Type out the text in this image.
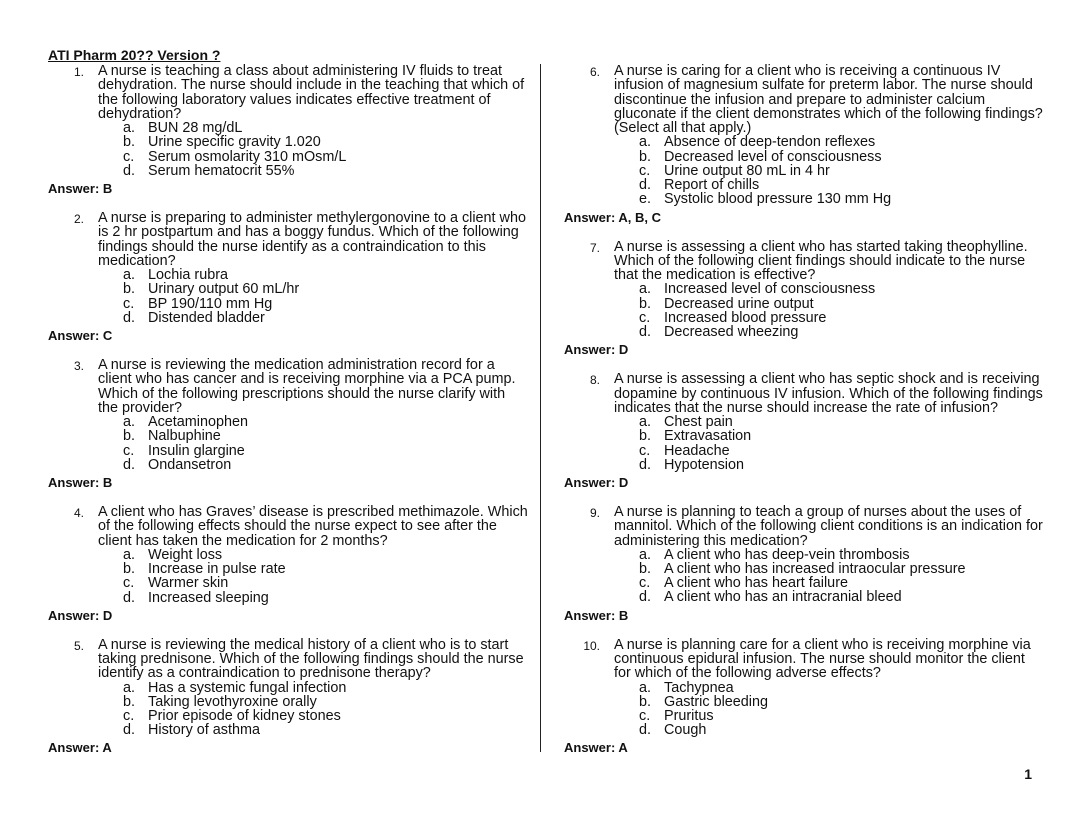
ATI Pharm 20?? Version ?
1. A nurse is teaching a class about administering IV fluids to treat dehydration. The nurse should include in the teaching that which of the following laboratory values indicates effective treatment of dehydration?
a. BUN 28 mg/dL
b. Urine specific gravity 1.020
c. Serum osmolarity 310 mOsm/L
d. Serum hematocrit 55%
Answer: B
2. A nurse is preparing to administer methylergonovine to a client who is 2 hr postpartum and has a boggy fundus. Which of the following findings should the nurse identify as a contraindication to this medication?
a. Lochia rubra
b. Urinary output 60 mL/hr
c. BP 190/110 mm Hg
d. Distended bladder
Answer: C
3. A nurse is reviewing the medication administration record for a client who has cancer and is receiving morphine via a PCA pump. Which of the following prescriptions should the nurse clarify with the provider?
a. Acetaminophen
b. Nalbuphine
c. Insulin glargine
d. Ondansetron
Answer: B
4. A client who has Graves’ disease is prescribed methimazole. Which of the following effects should the nurse expect to see after the client has taken the medication for 2 months?
a. Weight loss
b. Increase in pulse rate
c. Warmer skin
d. Increased sleeping
Answer: D
5. A nurse is reviewing the medical history of a client who is to start taking prednisone. Which of the following findings should the nurse identify as a contraindication to prednisone therapy?
a. Has a systemic fungal infection
b. Taking levothyroxine orally
c. Prior episode of kidney stones
d. History of asthma
Answer: A
6. A nurse is caring for a client who is receiving a continuous IV infusion of magnesium sulfate for preterm labor. The nurse should discontinue the infusion and prepare to administer calcium gluconate if the client demonstrates which of the following findings? (Select all that apply.)
a. Absence of deep-tendon reflexes
b. Decreased level of consciousness
c. Urine output 80 mL in 4 hr
d. Report of chills
e. Systolic blood pressure 130 mm Hg
Answer: A, B, C
7. A nurse is assessing a client who has started taking theophylline. Which of the following client findings should indicate to the nurse that the medication is effective?
a. Increased level of consciousness
b. Decreased urine output
c. Increased blood pressure
d. Decreased wheezing
Answer: D
8. A nurse is assessing a client who has septic shock and is receiving dopamine by continuous IV infusion. Which of the following findings indicates that the nurse should increase the rate of infusion?
a. Chest pain
b. Extravasation
c. Headache
d. Hypotension
Answer: D
9. A nurse is planning to teach a group of nurses about the uses of mannitol. Which of the following client conditions is an indication for administering this medication?
a. A client who has deep-vein thrombosis
b. A client who has increased intraocular pressure
c. A client who has heart failure
d. A client who has an intracranial bleed
Answer: B
10. A nurse is planning care for a client who is receiving morphine via continuous epidural infusion. The nurse should monitor the client for which of the following adverse effects?
a. Tachypnea
b. Gastric bleeding
c. Pruritus
d. Cough
Answer: A
1
